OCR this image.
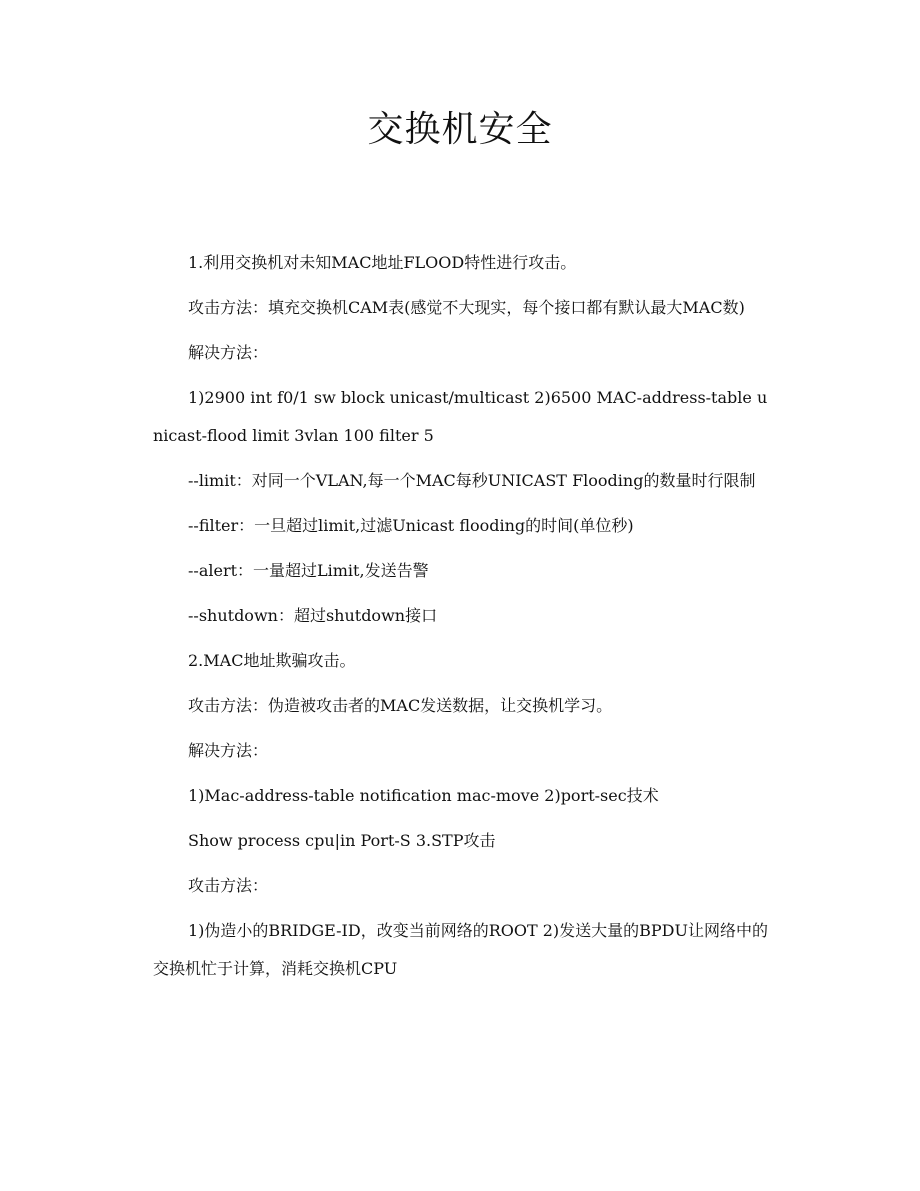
交换机安全

1.利用交换机对未知MAC地址FLOOD特性进行攻击。

攻击方法：填充交换机CAM表(感觉不大现实，每个接口都有默认最大MAC数)

解决方法：

1)2900 int f0/1 sw block unicast/multicast 2)6500 MAC-address-table unicast-flood limit 3vlan 100 filter 5

--limit：对同一个VLAN,每一个MAC每秒UNICAST Flooding的数量时行限制

--filter：一旦超过limit,过滤Unicast flooding的时间(单位秒)

--alert：一量超过Limit,发送告警

--shutdown：超过shutdown接口

2.MAC地址欺骗攻击。

攻击方法：伪造被攻击者的MAC发送数据，让交换机学习。

解决方法：

1)Mac-address-table notification mac-move 2)port-sec技术

Show process cpu|in Port-S 3.STP攻击

攻击方法：

1)伪造小的BRIDGE-ID，改变当前网络的ROOT 2)发送大量的BPDU让网络中的交换机忙于计算，消耗交换机CPU
